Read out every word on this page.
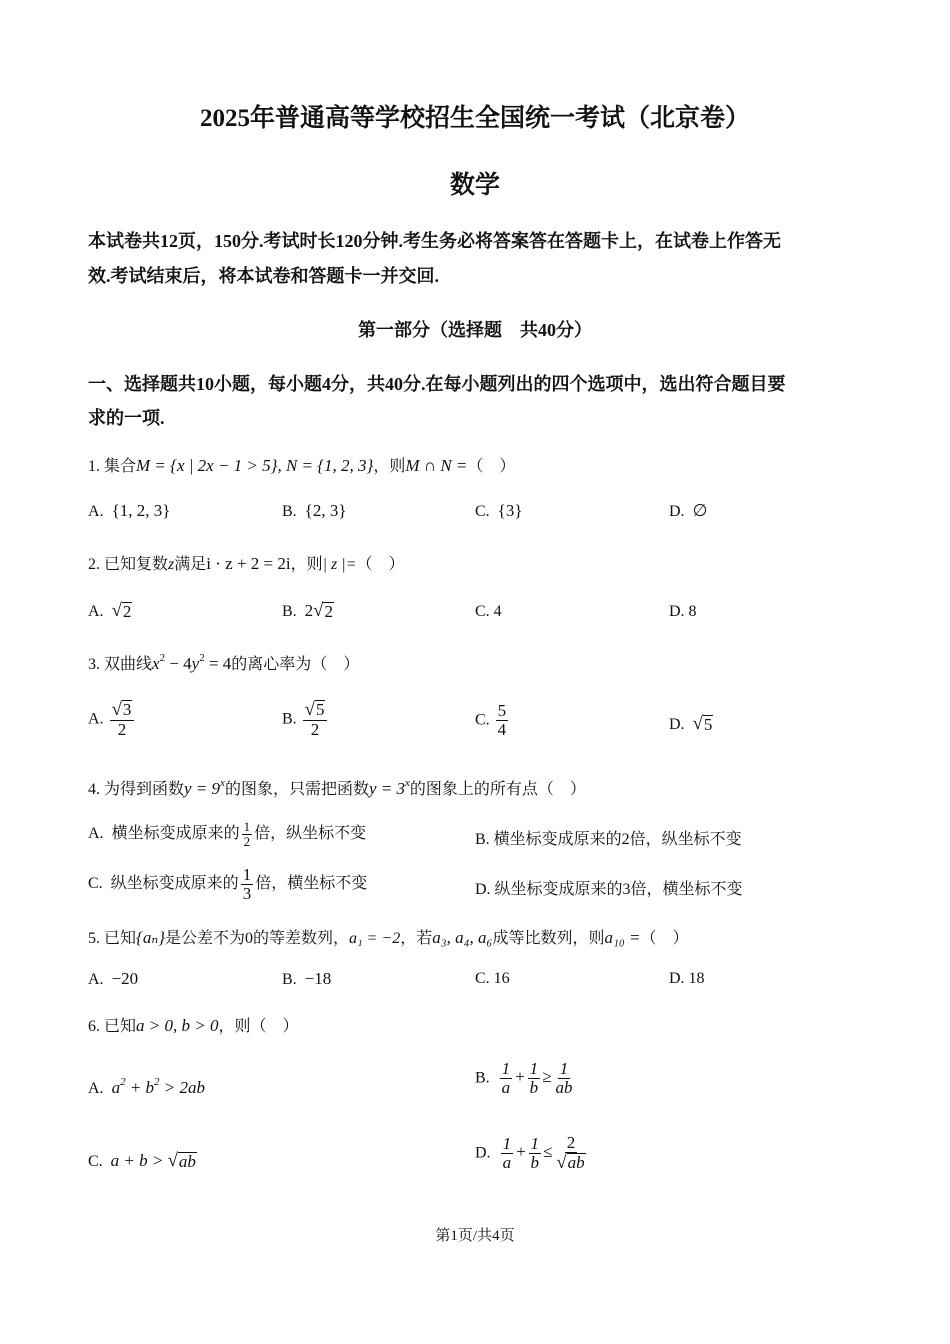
2025年普通高等学校招生全国统一考试（北京卷）
数学
本试卷共12页，150分.考试时长120分钟.考生务必将答案答在答题卡上，在试卷上作答无
效.考试结束后，将本试卷和答题卡一并交回.
第一部分（选择题　共40分）
一、选择题共10小题，每小题4分，共40分.在每小题列出的四个选项中，选出符合题目要
求的一项.
1. 集合M = {x | 2x − 1 > 5}, N = {1, 2, 3}，则M ∩ N =（　）
A. {1, 2, 3}	B. {2, 3}	C. {3}	D. ∅
2. 已知复数z满足i · z + 2 = 2i，则| z |=（　）
A. √ 2	B. 2 √ 2	C. 4	D. 8
3. 双曲线$x^2 - 4y^2 = 4$的离心率为（　）
A. $\frac{√ 3}{2}$	B. $\frac{√ 5}{2}$	C. $\frac{5}{4}$	D. √ 5
4. 为得到函数$y = 9^x$的图象，只需把函数$y = 3^x$的图象上的所有点（　）
A. 横坐标变成原来的 $\frac{1}{2}$ 倍，纵坐标不变	B. 横坐标变成原来的2倍，纵坐标不变
C. 纵坐标变成原来的 $\frac{1}{3}$ 倍，横坐标不变	D. 纵坐标变成原来的3倍，横坐标不变
5. 已知{aₙ}是公差不为0的等差数列，a₁ = −2，若a₃, a₄, a₆成等比数列，则a₁₀ =（　）
A. −20	B. −18	C. 16	D. 18
6. 已知a > 0, b > 0，则（　）
A. $a^2 + b^2 > 2ab$	B. $\frac{1}{a} + \frac{1}{b} \ge \frac{1}{ab}$
C. a + b > √ ab	D. $\frac{1}{a} + \frac{1}{b} \le \frac{2}{√ ab}$
第1页/共4页
